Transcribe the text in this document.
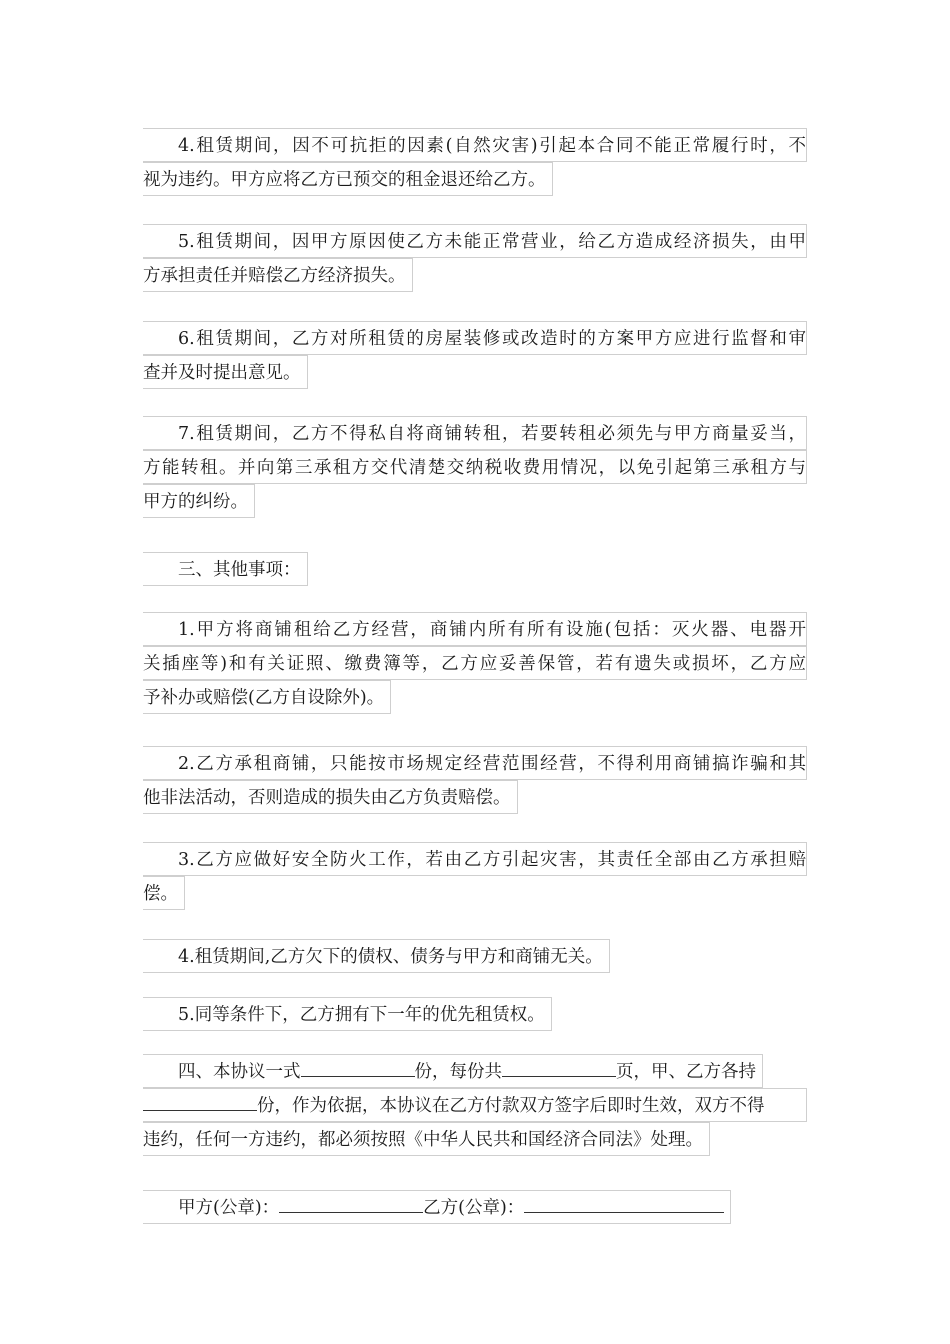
4.租赁期间，因不可抗拒的因素(自然灾害)引起本合同不能正常履行时，不
视为违约。甲方应将乙方已预交的租金退还给乙方。
5.租赁期间，因甲方原因使乙方未能正常营业，给乙方造成经济损失，由甲
方承担责任并赔偿乙方经济损失。
6.租赁期间，乙方对所租赁的房屋装修或改造时的方案甲方应进行监督和审
查并及时提出意见。
7.租赁期间，乙方不得私自将商铺转租，若要转租必须先与甲方商量妥当，
方能转租。并向第三承租方交代清楚交纳税收费用情况，以免引起第三承租方与
甲方的纠纷。
三、其他事项：
1.甲方将商铺租给乙方经营，商铺内所有所有设施(包括：灭火器、电器开
关插座等)和有关证照、缴费簿等，乙方应妥善保管，若有遗失或损坏，乙方应
予补办或赔偿(乙方自设除外)。
2.乙方承租商铺，只能按市场规定经营范围经营，不得利用商铺搞诈骗和其
他非法活动，否则造成的损失由乙方负责赔偿。
3.乙方应做好安全防火工作，若由乙方引起灾害，其责任全部由乙方承担赔
偿。
4.租赁期间,乙方欠下的债权、债务与甲方和商铺无关。
5.同等条件下，乙方拥有下一年的优先租赁权。
四、本协议一式	份，每份共	页，甲、乙方各持
份，作为依据，本协议在乙方付款双方签字后即时生效，双方不得
违约，任何一方违约，都必须按照《中华人民共和国经济合同法》处理。
甲方(公章)：	乙方(公章)：
